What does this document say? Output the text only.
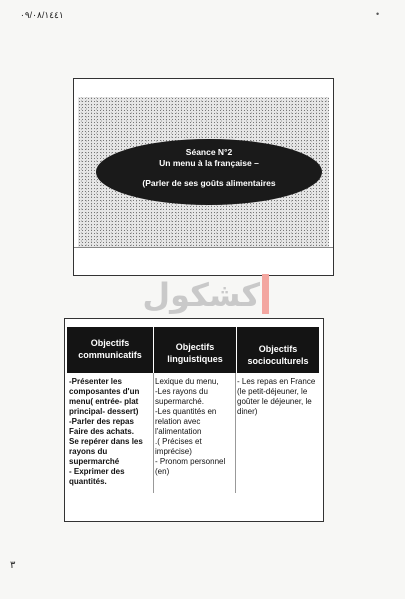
٠٩/٠٨/١٤٤١	•
Séance N°2
Un menu à la française –
(Parler de ses goûts alimentaires
كشكول
Objectifs
communicatifs
Objectifs
linguistiques
Objectifs
socioculturels
-Présenter les
composantes d'un
menu( entrée- plat
principal- dessert)
-Parler des repas
Faire des achats.
Se repérer dans les
rayons du
supermarché
- Exprimer des
quantités.
Lexique du menu,
-Les rayons du
supermarché.
-Les quantités en
relation avec
l'alimentation
.( Précises et
imprécise)
- Pronom personnel
(en)
- Les repas en France
(le petit-déjeuner, le
goûter le déjeuner, le
diner)
٣
